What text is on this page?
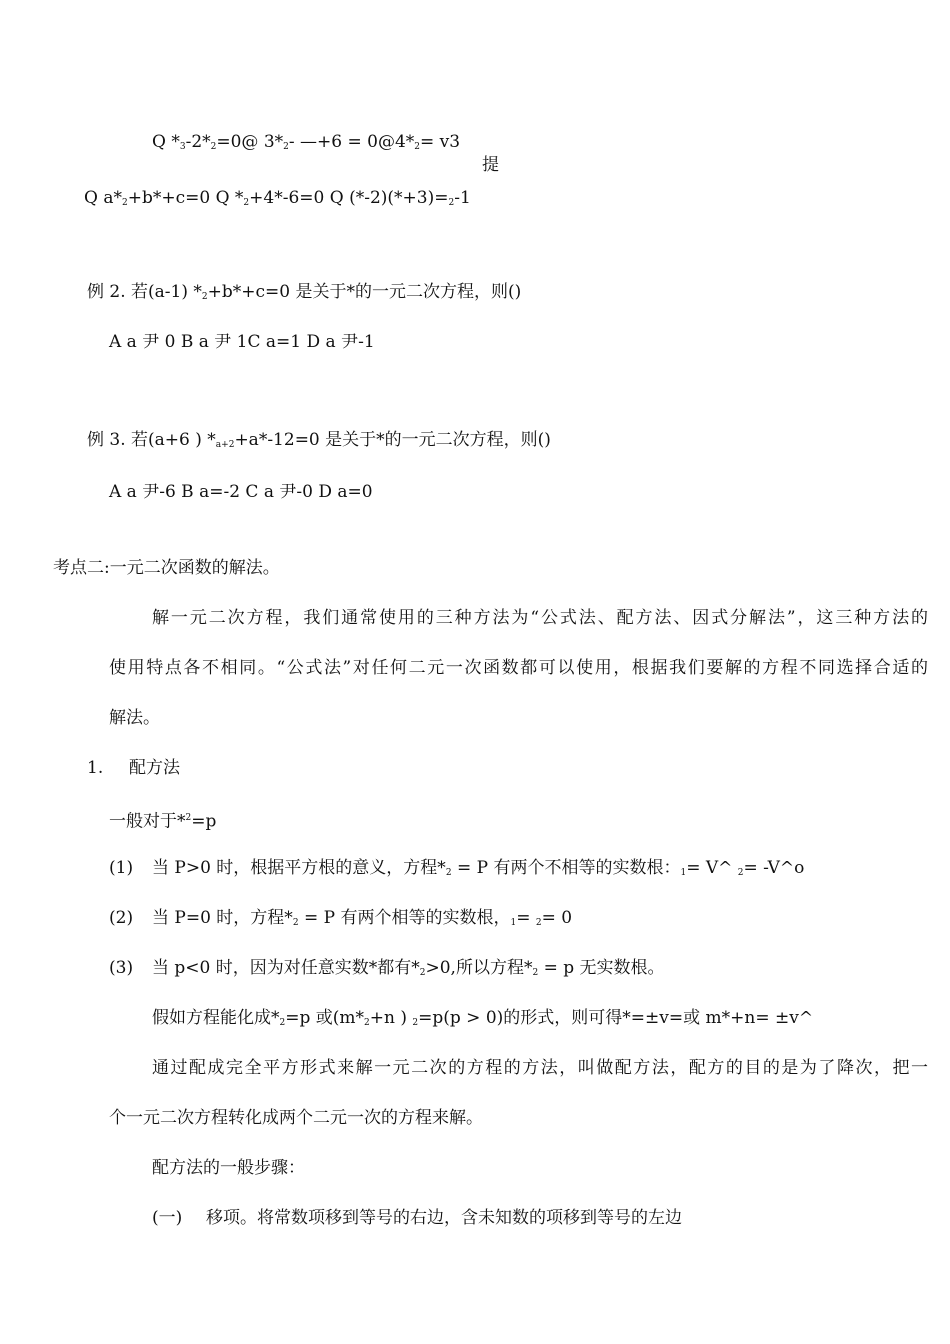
Q $*_3-2*_2=0@$ $3*_2-$ —+6 = $0@4*_2= v3$
提
Q $a*_2+b*+c=0$ Q $*_2+4*-6=0$ Q $(*-2)(*+3)=_2-1$
例 2. 若(a-1) $*_2+b*+c=0$ 是关于*的一元二次方程，则()
A a 尹 0 B a 尹 1C a=1 D a 尹-1
例 3. 若(a+6 ) $*_{a+2}+a*-12=0$ 是关于*的一元二次方程，则()
A a 尹-6 B a=-2 C a 尹-0 D a=0
考点二:一元二次函数的解法。
解一元二次方程，我们通常使用的三种方法为“公式法、配方法、因式分解法”，这三种方法的
使用特点各不相同。“公式法”对任何二元一次函数都可以使用，根据我们要解的方程不同选择合适的
解法。
1. 配方法
一般对于*$^2$=p
(1) 当 P>0 时，根据平方根的意义，方程$*_2 = P$ 有两个不相等的实数根：$_1$= V^ $_2$= -V^o
(2) 当 P=0 时，方程$*_2 = P$ 有两个相等的实数根，$_1$= $_2$= 0
(3) 当 p<0 时，因为对任意实数*都有$*_2>0$,所以方程$*_2 = p$ 无实数根。
假如方程能化成$*_2=p$ 或($m*_2+n$ ) $_2$=p(p > 0)的形式，则可得*=±v=或 m*+n= ±v^
通过配成完全平方形式来解一元二次的方程的方法，叫做配方法，配方的目的是为了降次，把一
个一元二次方程转化成两个二元一次的方程来解。
配方法的一般步骤：
(一) 移项。将常数项移到等号的右边，含未知数的项移到等号的左边
